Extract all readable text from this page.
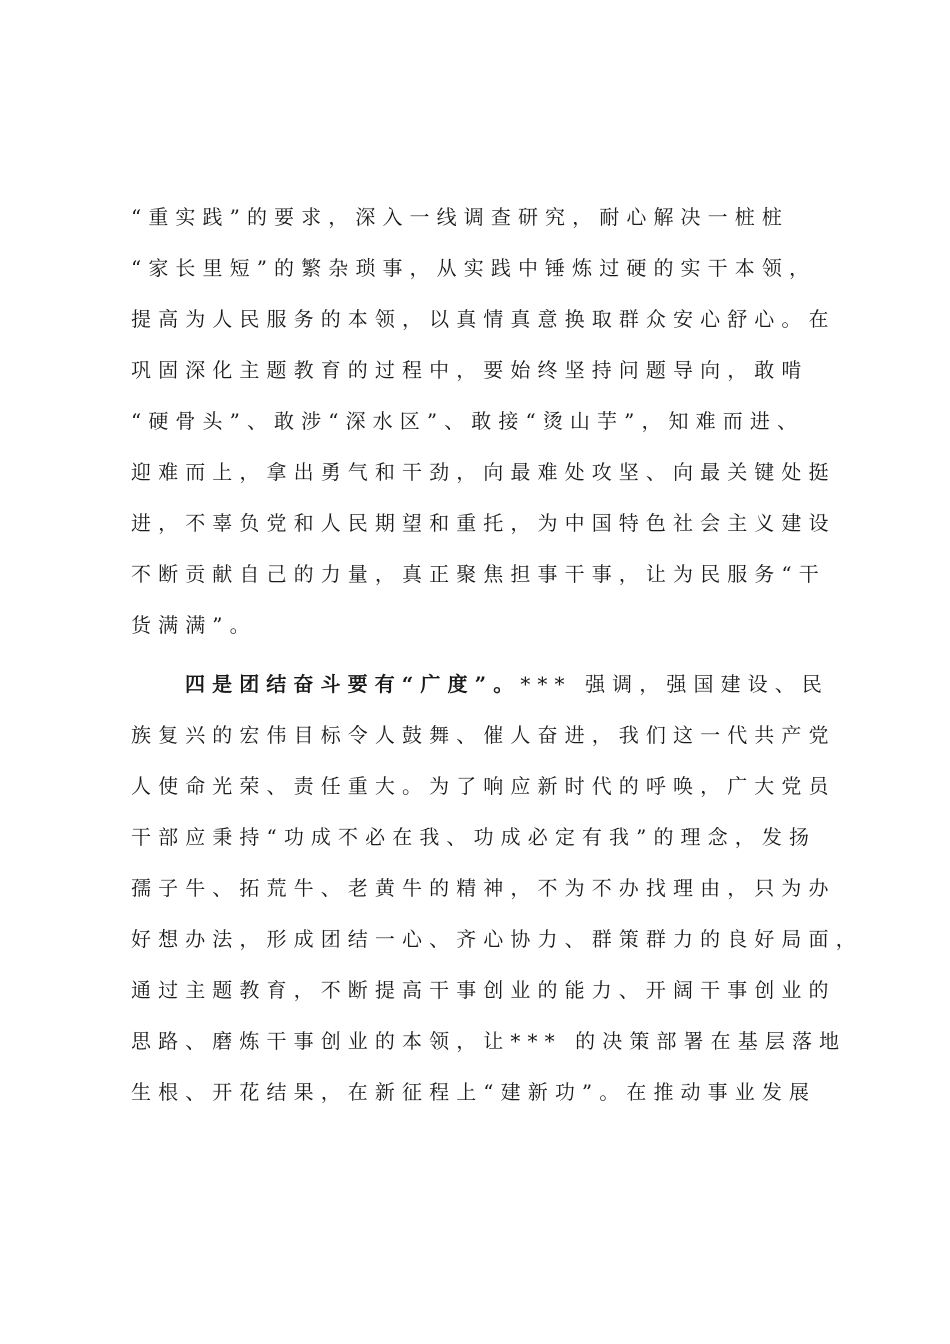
“重实践”的要求，深入一线调查研究，耐心解决一桩桩
“家长里短”的繁杂琐事，从实践中锤炼过硬的实干本领，
提高为人民服务的本领，以真情真意换取群众安心舒心。在
巩固深化主题教育的过程中，要始终坚持问题导向，敢啃
“硬骨头”、敢涉“深水区”、敢接“烫山芋”，知难而进、
迎难而上，拿出勇气和干劲，向最难处攻坚、向最关键处挺
进，不辜负党和人民期望和重托，为中国特色社会主义建设
不断贡献自己的力量，真正聚焦担事干事，让为民服务“干
货满满”。
四是团结奋斗要有“广度”。*** 强调，强国建设、民
族复兴的宏伟目标令人鼓舞、催人奋进，我们这一代共产党
人使命光荣、责任重大。为了响应新时代的呼唤，广大党员
干部应秉持“功成不必在我、功成必定有我”的理念，发扬
孺子牛、拓荒牛、老黄牛的精神，不为不办找理由，只为办
好想办法，形成团结一心、齐心协力、群策群力的良好局面，
通过主题教育，不断提高干事创业的能力、开阔干事创业的
思路、磨炼干事创业的本领，让*** 的决策部署在基层落地
生根、开花结果，在新征程上“建新功”。在推动事业发展
